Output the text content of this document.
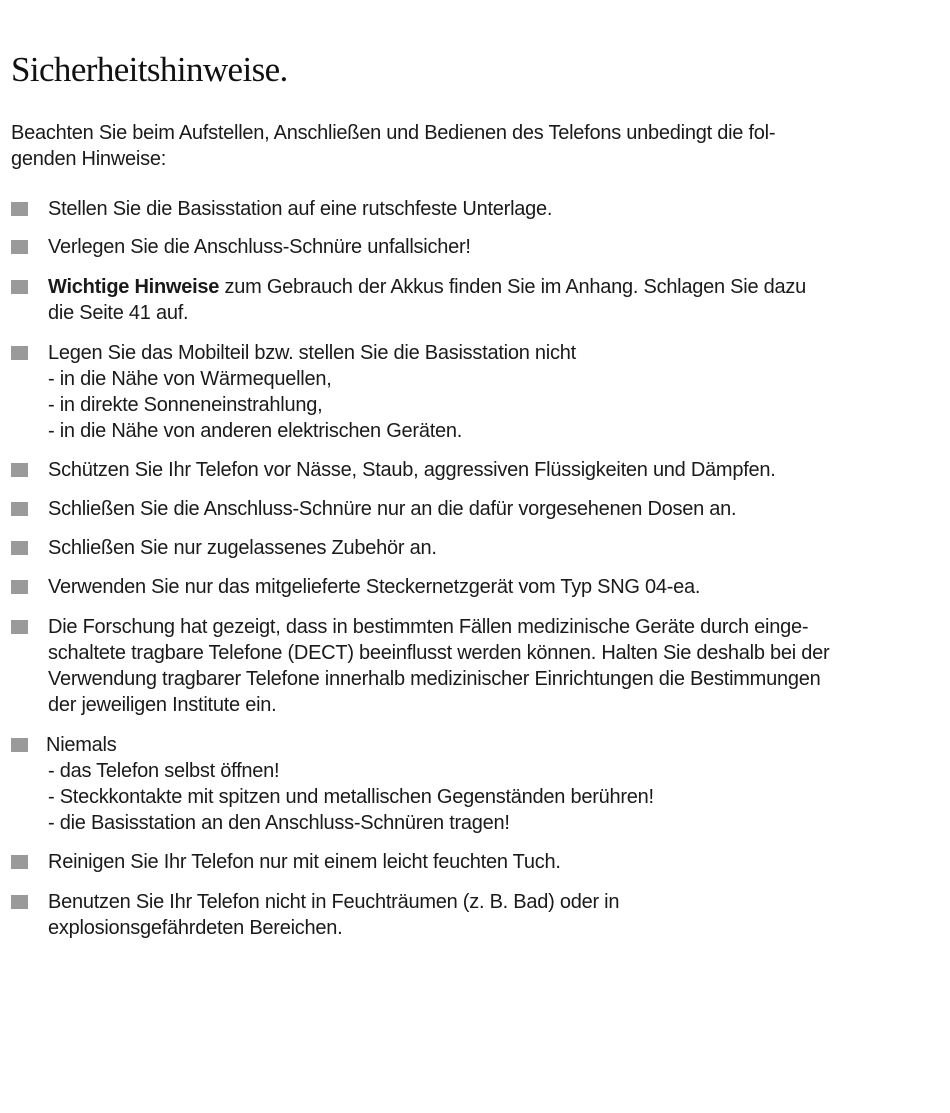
Sicherheitshinweise.

Beachten Sie beim Aufstellen, Anschließen und Bedienen des Telefons unbedingt die fol-
genden Hinweise:

Stellen Sie die Basisstation auf eine rutschfeste Unterlage.
Verlegen Sie die Anschluss-Schnüre unfallsicher!
Wichtige Hinweise zum Gebrauch der Akkus finden Sie im Anhang. Schlagen Sie dazu
die Seite 41 auf.
Legen Sie das Mobilteil bzw. stellen Sie die Basisstation nicht
- in die Nähe von Wärmequellen,
- in direkte Sonneneinstrahlung,
- in die Nähe von anderen elektrischen Geräten.
Schützen Sie Ihr Telefon vor Nässe, Staub, aggressiven Flüssigkeiten und Dämpfen.
Schließen Sie die Anschluss-Schnüre nur an die dafür vorgesehenen Dosen an.
Schließen Sie nur zugelassenes Zubehör an.
Verwenden Sie nur das mitgelieferte Steckernetzgerät vom Typ SNG 04-ea.
Die Forschung hat gezeigt, dass in bestimmten Fällen medizinische Geräte durch einge-
schaltete tragbare Telefone (DECT) beeinflusst werden können. Halten Sie deshalb bei der
Verwendung tragbarer Telefone innerhalb medizinischer Einrichtungen die Bestimmungen
der jeweiligen Institute ein.
Niemals
- das Telefon selbst öffnen!
- Steckkontakte mit spitzen und metallischen Gegenständen berühren!
- die Basisstation an den Anschluss-Schnüren tragen!
Reinigen Sie Ihr Telefon nur mit einem leicht feuchten Tuch.
Benutzen Sie Ihr Telefon nicht in Feuchträumen (z. B. Bad) oder in
explosionsgefährdeten Bereichen.
